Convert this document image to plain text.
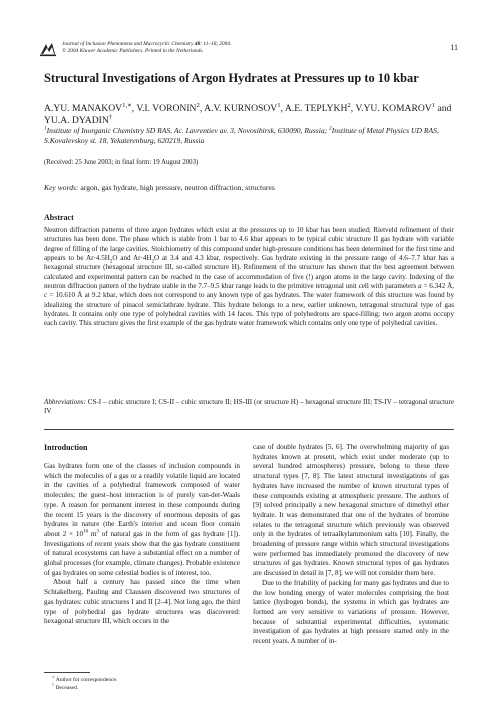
Journal of Inclusion Phenomena and Macrocyclic Chemistry 48: 11–18, 2004.
© 2004 Kluwer Academic Publishers. Printed in the Netherlands.	11
Structural Investigations of Argon Hydrates at Pressures up to 10 kbar
A.YU. $MANAKOV^{1,∗}$, V.I. VORONIN$^2$, A.V. KURNOSOV$^1$, A.E. TEPLYKH$^2$, V.YU. KOMAROV$^1$ and YU.A. DYADIN†
$^1$Institute of Inorganic Chemistry SD RAS, Ac. Lavrentiev av. 3, Novosibirsk, 630090, Russia; $^2$Institute of Metal Physics UD RAS, S.Kovalevskoy st. 18, Yekaterenburg, 620219, Russia
(Received: 25 June 2003; in final form: 19 August 2003)
Key words: argon, gas hydrate, high pressure, neutron diffraction, structures
Abstract
Neutron diffraction patterns of three argon hydrates which exist at the pressures up to 10 kbar has been studied; Rietveld refinement of their structures has been done. The phase which is stable from 1 bar to 4.6 kbar appears to be typical cubic structure II gas hydrate with variable degree of filling of the large cavities. Stoichiometry of this compound under high-pressure conditions has been determined for the first time and appears to be $Ar\cdot 4.5H_2O$ and $Ar\cdot 4H_2O$ at 3.4 and 4.3 kbar, respectively. Gas hydrate existing in the pressure range of 4.6–7.7 kbar has a hexagonal structure (hexagonal structure III, so-called structure H). Refinement of the structure has shown that the best agreement between calculated and experimental pattern can be reached in the case of accommodation of five (!) argon atoms in the large cavity. Indexing of the neutron diffraction pattern of the hydrate stable in the 7.7–9.5 kbar range leads to the primitive tetragonal unit cell with parameters a = 6.342 Å, c = 10.610 Å at 9.2 kbar, which does not correspond to any known type of gas hydrates. The water framework of this structure was found by idealizing the structure of pinacol semiclathrate hydrate. This hydrate belongs to a new, earlier unknown, tetragonal structural type of gas hydrates. It contains only one type of polyhedral cavities with 14 faces. This type of polyhedrons are space-filling; two argon atoms occupy each cavity. This structure gives the first example of the gas hydrate water framework which contains only one type of polyhedral cavities.
Abbreviations: CS-I – cubic structure I; CS-II – cubic structure II; HS-III (or structure H) – hexagonal structure III; TS-IV – tetragonal structure IV
Introduction

Gas hydrates form one of the classes of inclusion compounds in which the molecules of a gas or a readily volatile liquid are located in the cavities of a polyhedral framework composed of water molecules; the guest–host interaction is of purely van-der-Waals type. A reason for permanent interest in these compounds during the recent 15 years is the discovery of enormous deposits of gas hydrates in nature (the Earth's interior and ocean floor contain about $2 \times 10^{16}$ $m^3$ of natural gas in the form of gas hydrate [1]). Investigations of recent years show that the gas hydrate constituent of natural ecosystems can have a substantial effect on a number of global processes (for example, climate changes). Probable existence of gas hydrates on some celestial bodies is of interest, too.

About half a century has passed since the time when Schtakelberg, Pauling and Claussen discovered two structures of gas hydrates: cubic structures I and II [2–4]. Not long ago, the third type of polyhedral gas hydrate structures was discovered: hexagonal structure III, which occurs in the

case of double hydrates [5, 6]. The overwhelming majority of gas hydrates known at present, which exist under moderate (up to several hundred atmospheres) pressure, belong to these three structural types [7, 8]. The latest structural investigations of gas hydrates have increased the number of known structural types of these compounds existing at atmospheric pressure. The authors of [9] solved principally a new hexagonal structure of dimethyl ether hydrate. It was demonstrated that one of the hydrates of bromine relates to the tetragonal structure which previously was observed only in the hydrates of tetraalkylammonium salts [10]. Finally, the broadening of pressure range within which structural investigations were performed has immediately promoted the discovery of new structures of gas hydrates. Known structural types of gas hydrates are discussed in detail in [7, 8], we will not consider them here.

Due to the friability of packing for many gas hydrates and due to the low bonding energy of water molecules comprising the host lattice (hydrogen bonds), the systems in which gas hydrates are formed are very sensitive to variations of pressure. However, because of substantial experimental difficulties, systematic investigation of gas hydrates at high pressure started only in the recent years. A number of in-

∗ Author for correspondence.
† Deceased.
